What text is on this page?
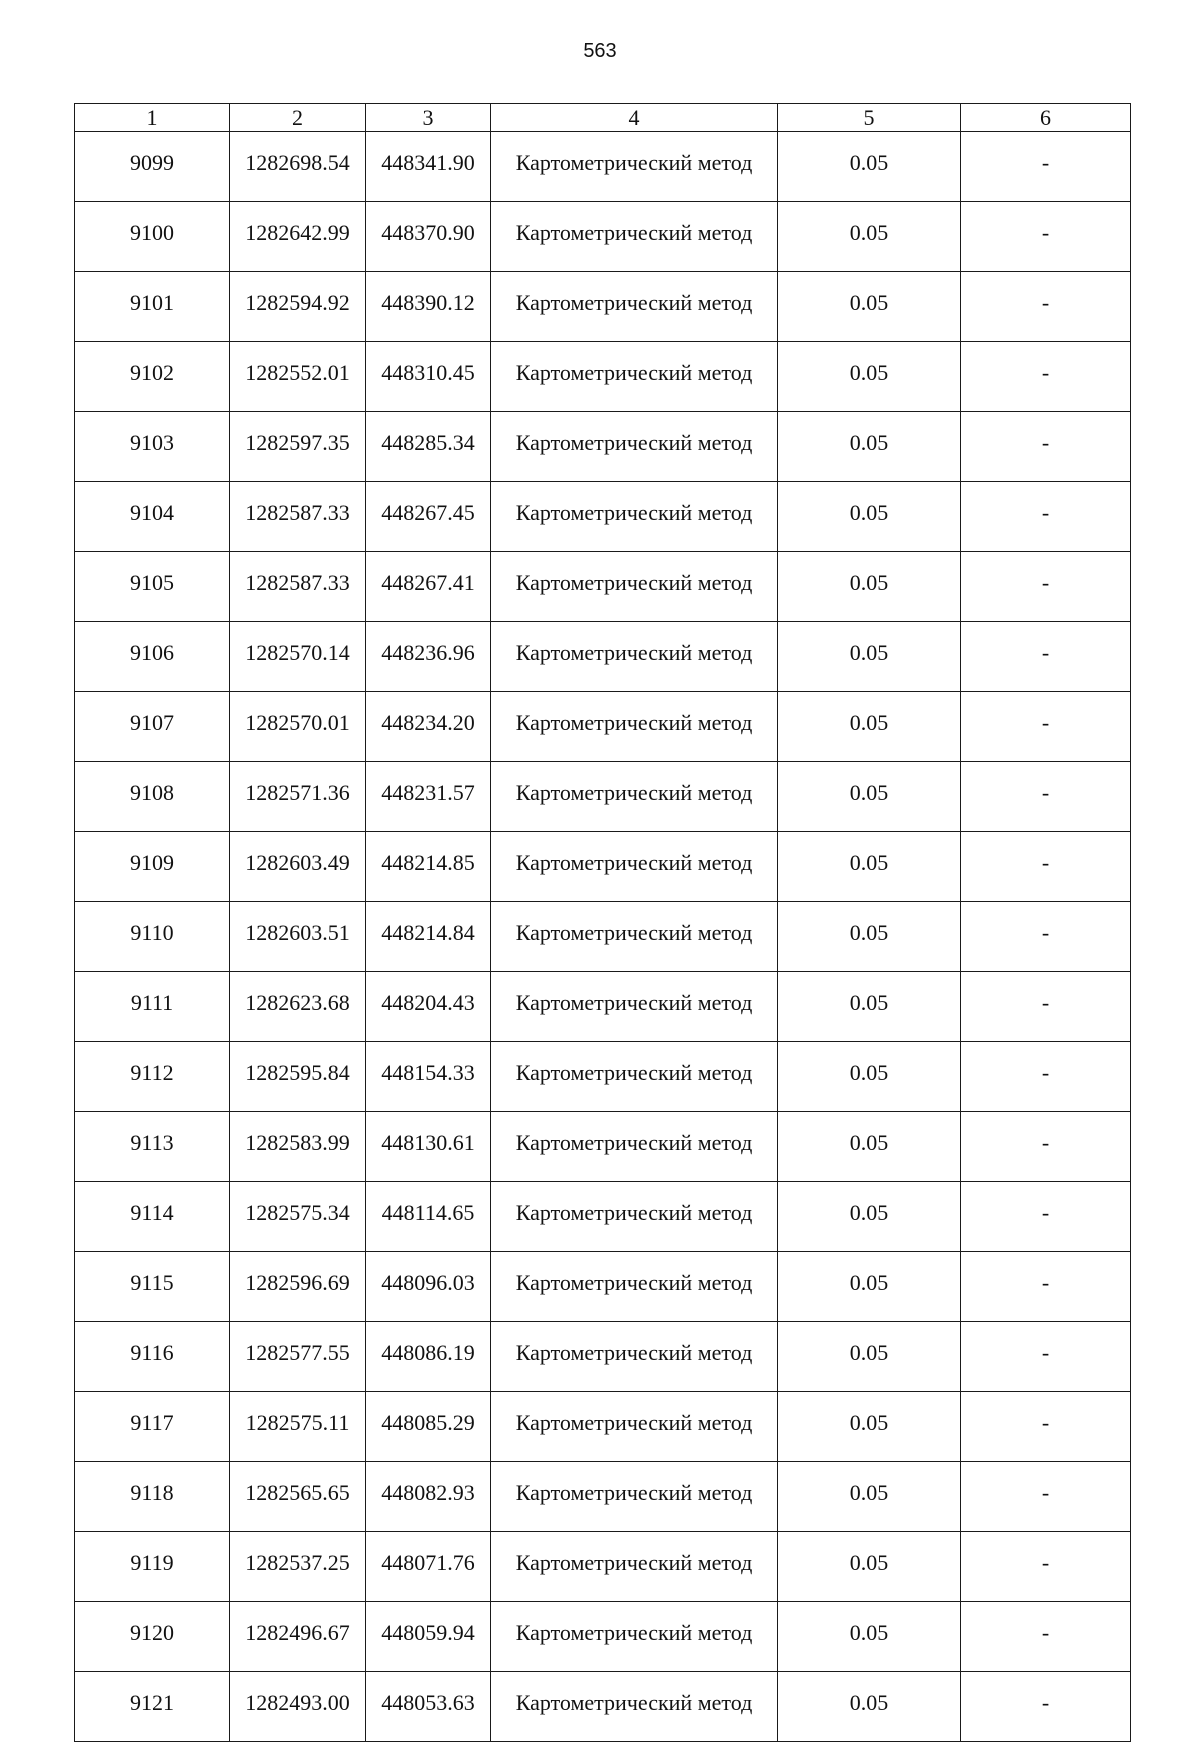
563
1	2	3	4	5	6
9099	1282698.54	448341.90	Картометрический метод	0.05	-
9100	1282642.99	448370.90	Картометрический метод	0.05	-
9101	1282594.92	448390.12	Картометрический метод	0.05	-
9102	1282552.01	448310.45	Картометрический метод	0.05	-
9103	1282597.35	448285.34	Картометрический метод	0.05	-
9104	1282587.33	448267.45	Картометрический метод	0.05	-
9105	1282587.33	448267.41	Картометрический метод	0.05	-
9106	1282570.14	448236.96	Картометрический метод	0.05	-
9107	1282570.01	448234.20	Картометрический метод	0.05	-
9108	1282571.36	448231.57	Картометрический метод	0.05	-
9109	1282603.49	448214.85	Картометрический метод	0.05	-
9110	1282603.51	448214.84	Картометрический метод	0.05	-
9111	1282623.68	448204.43	Картометрический метод	0.05	-
9112	1282595.84	448154.33	Картометрический метод	0.05	-
9113	1282583.99	448130.61	Картометрический метод	0.05	-
9114	1282575.34	448114.65	Картометрический метод	0.05	-
9115	1282596.69	448096.03	Картометрический метод	0.05	-
9116	1282577.55	448086.19	Картометрический метод	0.05	-
9117	1282575.11	448085.29	Картометрический метод	0.05	-
9118	1282565.65	448082.93	Картометрический метод	0.05	-
9119	1282537.25	448071.76	Картометрический метод	0.05	-
9120	1282496.67	448059.94	Картометрический метод	0.05	-
9121	1282493.00	448053.63	Картометрический метод	0.05	-
